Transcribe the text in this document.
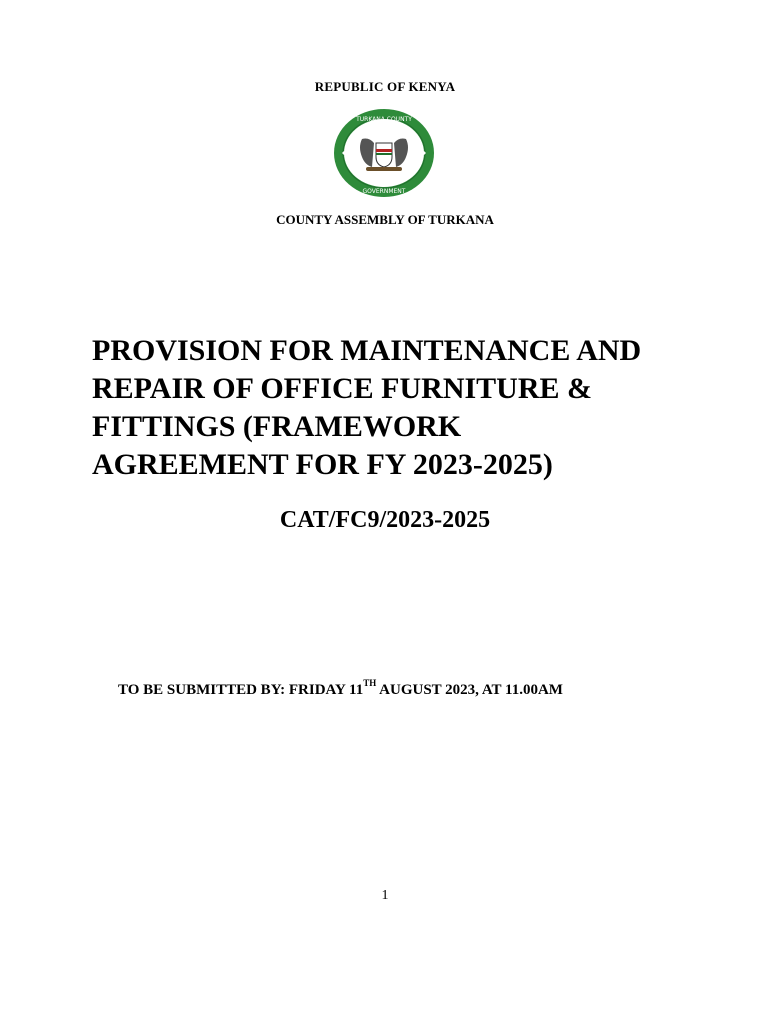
REPUBLIC OF KENYA
TURKANA COUNTY
GOVERNMENT
COUNTY ASSEMBLY OF TURKANA
PROVISION FOR MAINTENANCE AND
REPAIR OF OFFICE FURNITURE &
FITTINGS (FRAMEWORK
AGREEMENT FOR FY 2023-2025)
CAT/FC9/2023-2025
TO BE SUBMITTED BY: FRIDAY 11TH AUGUST 2023, AT 11.00AM
1
